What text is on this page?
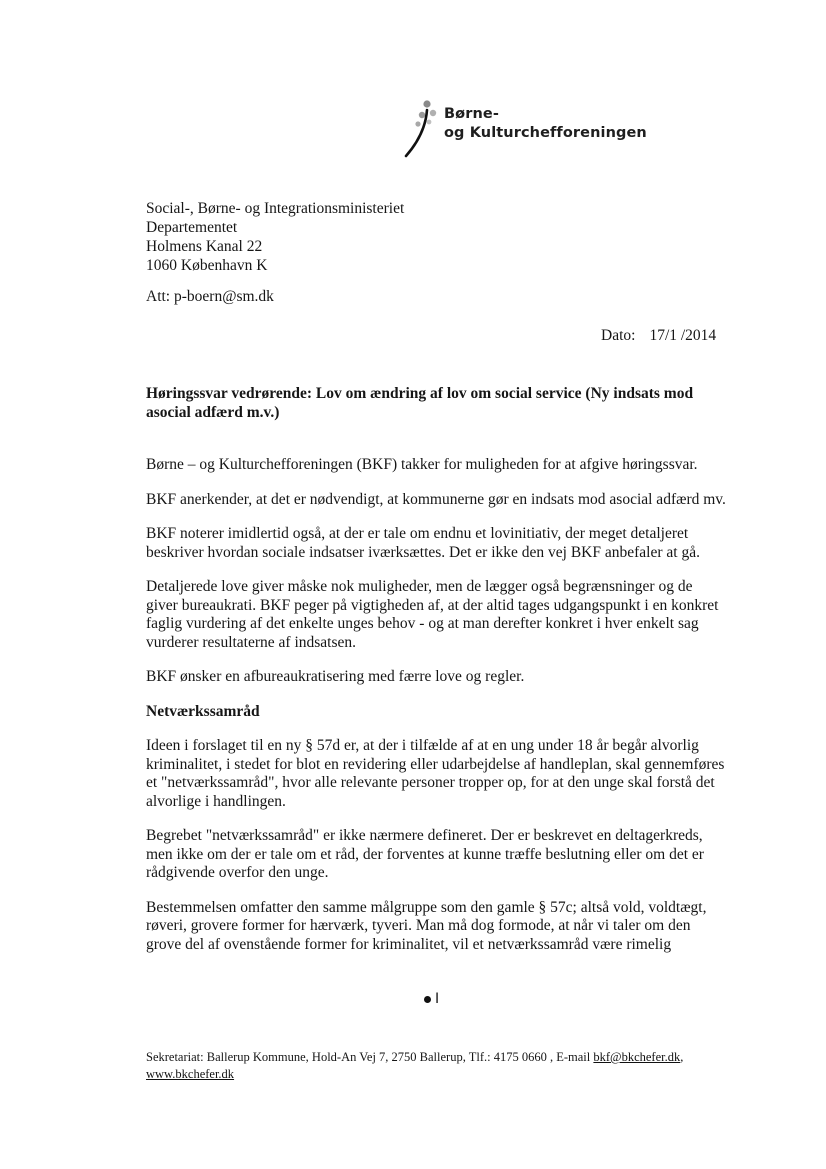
Børne-
og Kulturchefforeningen
Social-, Børne- og Integrationsministeriet
Departementet
Holmens Kanal 22
1060 København K
Att: p-boern@sm.dk
Dato: 17/1 /2014
Høringssvar vedrørende: Lov om ændring af lov om social service (Ny indsats mod asocial adfærd m.v.)

Børne – og Kulturchefforeningen (BKF) takker for muligheden for at afgive høringssvar.

BKF anerkender, at det er nødvendigt, at kommunerne gør en indsats mod asocial adfærd mv.

BKF noterer imidlertid også, at der er tale om endnu et lovinitiativ, der meget detaljeret beskriver hvordan sociale indsatser iværksættes. Det er ikke den vej BKF anbefaler at gå.

Detaljerede love giver måske nok muligheder, men de lægger også begrænsninger og de giver bureaukrati. BKF peger på vigtigheden af, at der altid tages udgangspunkt i en konkret faglig vurdering af det enkelte unges behov - og at man derefter konkret i hver enkelt sag vurderer resultaterne af indsatsen.

BKF ønsker en afbureaukratisering med færre love og regler.

Netværkssamråd

Ideen i forslaget til en ny § 57d er, at der i tilfælde af at en ung under 18 år begår alvorlig kriminalitet, i stedet for blot en revidering eller udarbejdelse af handleplan, skal gennemføres et "netværkssamråd", hvor alle relevante personer tropper op, for at den unge skal forstå det alvorlige i handlingen.

Begrebet "netværkssamråd" er ikke nærmere defineret. Der er beskrevet en deltagerkreds, men ikke om der er tale om et råd, der forventes at kunne træffe beslutning eller om det er rådgivende overfor den unge.

Bestemmelsen omfatter den samme målgruppe som den gamle § 57c; altså vold, voldtægt, røveri, grovere former for hærværk, tyveri. Man må dog formode, at når vi taler om den grove del af ovenstående former for kriminalitet, vil et netværkssamråd være rimelig

I
Sekretariat: Ballerup Kommune, Hold-An Vej 7, 2750 Ballerup, Tlf.: 4175 0660 , E-mail bkf@bkchefer.dk,
www.bkchefer.dk
